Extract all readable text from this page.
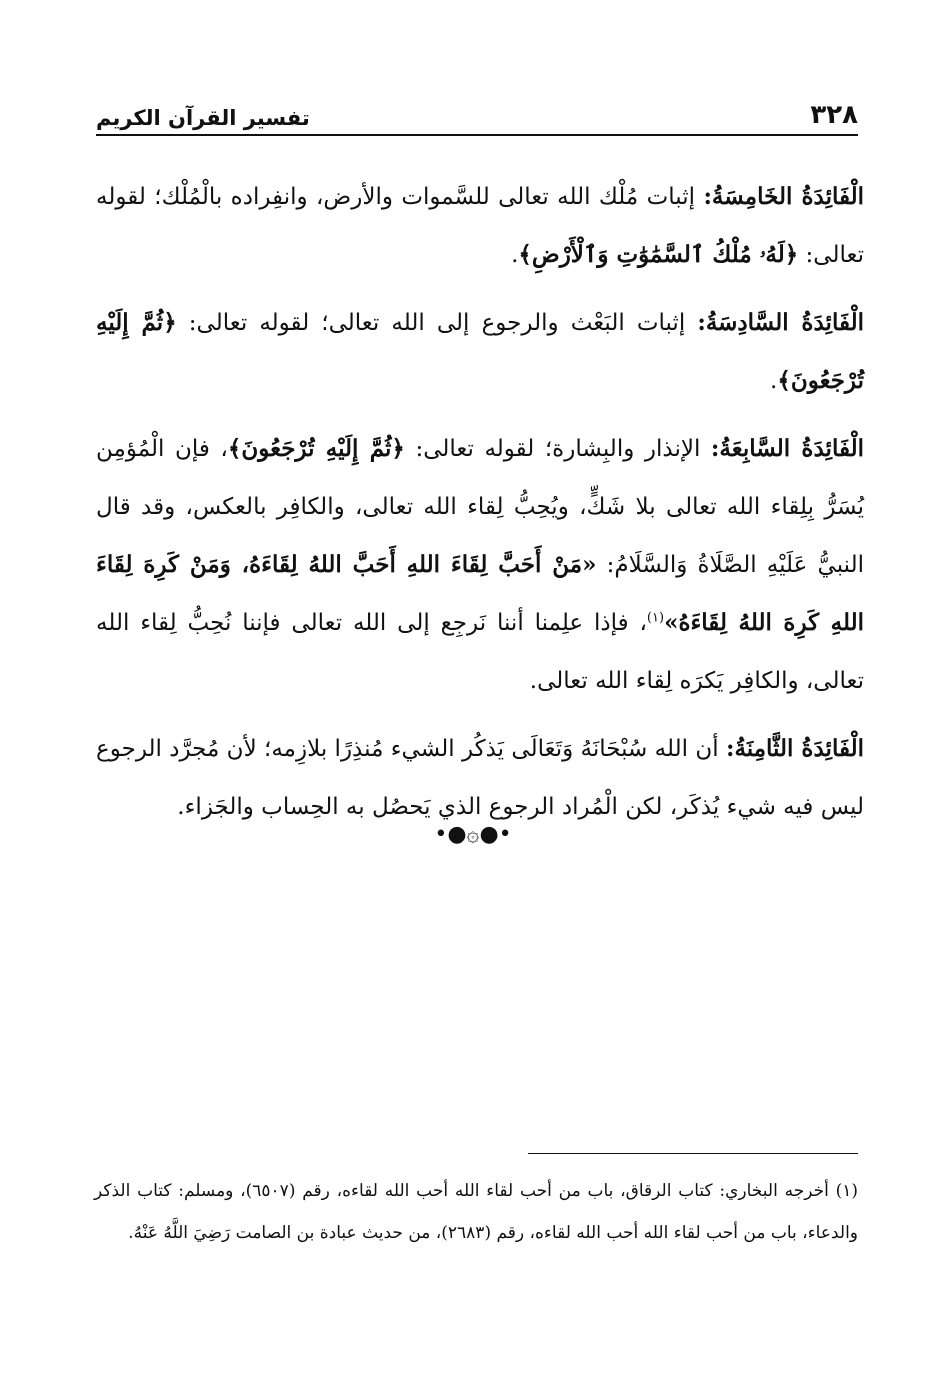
٣٢٨
تفسير القرآن الكريم

الْفَائِدَةُ الخَامِسَةُ: إثبات مُلْك الله تعالى للسَّموات والأرض، وانفِراده بالْمُلْك؛ لقوله تعالى: ﴿لَهُۥ مُلْكُ ٱلسَّمَٰوَٰتِ وَٱلْأَرْضِ﴾.

الْفَائِدَةُ السَّادِسَةُ: إثبات البَعْث والرجوع إلى الله تعالى؛ لقوله تعالى: ﴿ثُمَّ إِلَيْهِ تُرْجَعُونَ﴾.

الْفَائِدَةُ السَّابِعَةُ: الإنذار والبِشارة؛ لقوله تعالى: ﴿ثُمَّ إِلَيْهِ تُرْجَعُونَ﴾، فإن الْمُؤمِن يُسَرُّ بِلِقاء الله تعالى بلا شَكٍّ، ويُحِبُّ لِقاء الله تعالى، والكافِر بالعكس، وقد قال النبيُّ عَلَيْهِ الصَّلَاةُ وَالسَّلَامُ: «مَنْ أَحَبَّ لِقَاءَ اللهِ أَحَبَّ اللهُ لِقَاءَهُ، وَمَنْ كَرِهَ لِقَاءَ اللهِ كَرِهَ اللهُ لِقَاءَهُ»$^{(١)}$، فإذا علِمنا أننا نَرجِع إلى الله تعالى فإننا نُحِبُّ لِقاء الله تعالى، والكافِر يَكرَه لِقاء الله تعالى.

الْفَائِدَةُ الثَّامِنَةُ: أن الله سُبْحَانَهُ وَتَعَالَى يَذكُر الشيء مُنذِرًا بلازِمه؛ لأن مُجرَّد الرجوع ليس فيه شيء يُذكَر، لكن الْمُراد الرجوع الذي يَحصُل به الحِساب والجَزاء.

•●۞●•

(١) أخرجه البخاري: كتاب الرقاق، باب من أحب لقاء الله أحب الله لقاءه، رقم (٦٥٠٧)، ومسلم: كتاب الذكر والدعاء، باب من أحب لقاء الله أحب الله لقاءه، رقم (٢٦٨٣)، من حديث عبادة بن الصامت رَضِيَ اللَّهُ عَنْهُ.
